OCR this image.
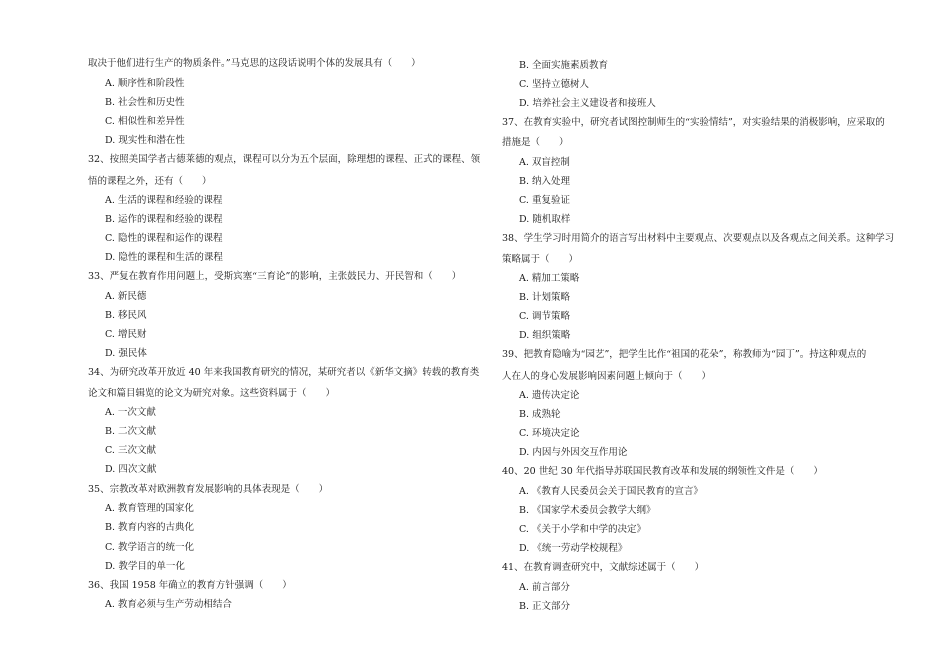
取决于他们进行生产的物质条件。”马克思的这段话说明个体的发展具有（　　）
A. 顺序性和阶段性
B. 社会性和历史性
C. 相似性和差异性
D. 现实性和潜在性
32、按照美国学者古德莱德的观点，课程可以分为五个层面，除理想的课程、正式的课程、领
悟的课程之外，还有（　　）
A. 生活的课程和经验的课程
B. 运作的课程和经验的课程
C. 隐性的课程和运作的课程
D. 隐性的课程和生活的课程
33、严复在教育作用问题上，受斯宾塞“三育论”的影响，主张鼓民力、开民智和（　　）
A. 新民德
B. 移民风
C. 增民财
D. 强民体
34、为研究改革开放近 40 年来我国教育研究的情况，某研究者以《新华文摘》转载的教育类
论文和篇目辑览的论文为研究对象。这些资料属于（　　）
A. 一次文献
B. 二次文献
C. 三次文献
D. 四次文献
35、宗教改革对欧洲教育发展影响的具体表现是（　　）
A. 教育管理的国家化
B. 教育内容的古典化
C. 教学语言的统一化
D. 教学目的单一化
36、我国 1958 年确立的教育方针强调（　　）
A. 教育必须与生产劳动相结合
B. 全面实施素质教育
C. 坚持立德树人
D. 培养社会主义建设者和接班人
37、在教育实验中，研究者试图控制师生的“实验情结”，对实验结果的消极影响，应采取的
措施是（　　）
A. 双盲控制
B. 纳入处理
C. 重复验证
D. 随机取样
38、学生学习时用简介的语言写出材料中主要观点、次要观点以及各观点之间关系。这种学习
策略属于（　　）
A. 精加工策略
B. 计划策略
C. 调节策略
D. 组织策略
39、把教育隐喻为“园艺”，把学生比作“祖国的花朵”，称教师为“园丁”。持这种观点的
人在人的身心发展影响因素问题上倾向于（　　）
A. 遗传决定论
B. 成熟轮
C. 环境决定论
D. 内因与外因交互作用论
40、20 世纪 30 年代指导苏联国民教育改革和发展的纲领性文件是（　　）
A. 《教育人民委员会关于国民教育的宣言》
B. 《国家学术委员会教学大纲》
C. 《关于小学和中学的决定》
D. 《统一劳动学校规程》
41、在教育调查研究中，文献综述属于（　　）
A. 前言部分
B. 正文部分
